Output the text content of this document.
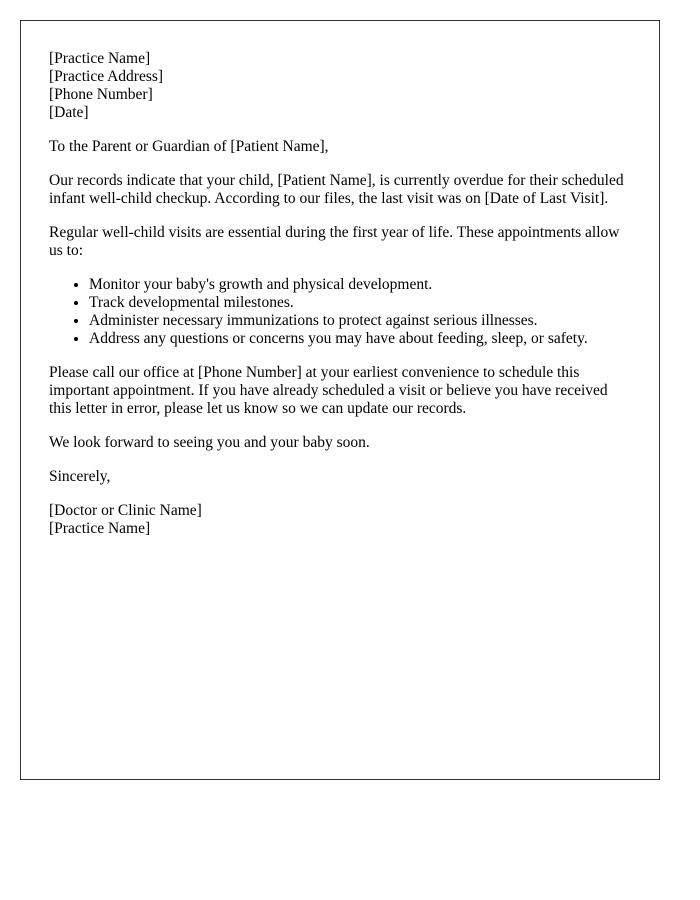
[Practice Name]
[Practice Address]
[Phone Number]
[Date]

To the Parent or Guardian of [Patient Name],

Our records indicate that your child, [Patient Name], is currently overdue for their scheduled infant well-child checkup. According to our files, the last visit was on [Date of Last Visit].

Regular well-child visits are essential during the first year of life. These appointments allow us to:

• Monitor your baby's growth and physical development.
• Track developmental milestones.
• Administer necessary immunizations to protect against serious illnesses.
• Address any questions or concerns you may have about feeding, sleep, or safety.

Please call our office at [Phone Number] at your earliest convenience to schedule this important appointment. If you have already scheduled a visit or believe you have received this letter in error, please let us know so we can update our records.

We look forward to seeing you and your baby soon.

Sincerely,

[Doctor or Clinic Name]
[Practice Name]
